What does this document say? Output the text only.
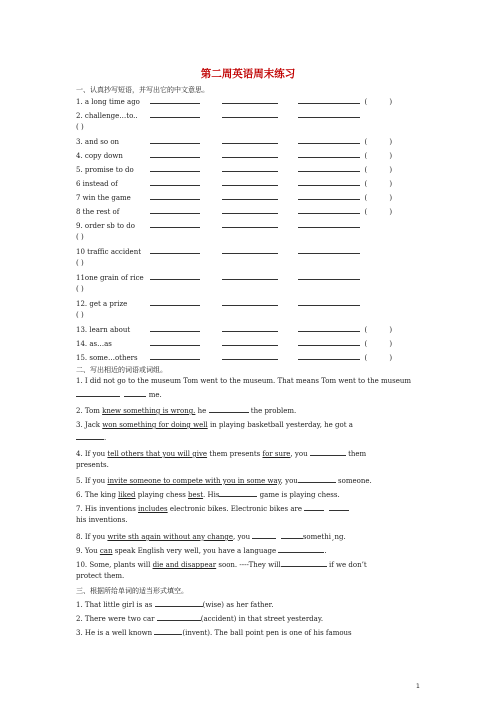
第二周英语周末练习
一、认真抄写短语，并写出它的中文意思。
1. a long time ago	(          )
2. challenge…to..
( )
3. and so on	(          )
4. copy down	(          )
5. promise to do	(          )
6 instead of	(          )
7 win the game	(          )
8 the rest of	(          )
9. order sb to do
( )
10 traffic accident
( )
11one grain of rice
( )
12. get a prize
( )
13. learn about	(          )
14. as…as	(          )
15. some…others	(          )
二、写出相近的词语或词组。
1. I did not go to the museum Tom went to the museum. That means Tom went to the museum
me.
2. Tom knew something is wrong. he	the problem.
3. Jack won something for doing well in playing basketball yesterday, he got a
.
4. If you tell others that you will give them presents for sure, you	them
presents.
5. If you invite someone to compete with you in some way, you	someone.
6. The king liked playing chess best. His	game is playing chess.
7. His inventions includes electronic bikes. Electronic bikes are
his inventions.
8. If you write sth again without any change, you	somethi¸ng.
9. You can speak English very well, you have a language	.
10. Some, plants will die and disappear soon. ----They will	if we don’t
protect them.
三、根据所给单词的适当形式填空。
1. That little girl is as	(wise) as her father.
2. There were two car	(accident) in that street yesterday.
3. He is a well known	(invent). The ball point pen is one of his famous
1
